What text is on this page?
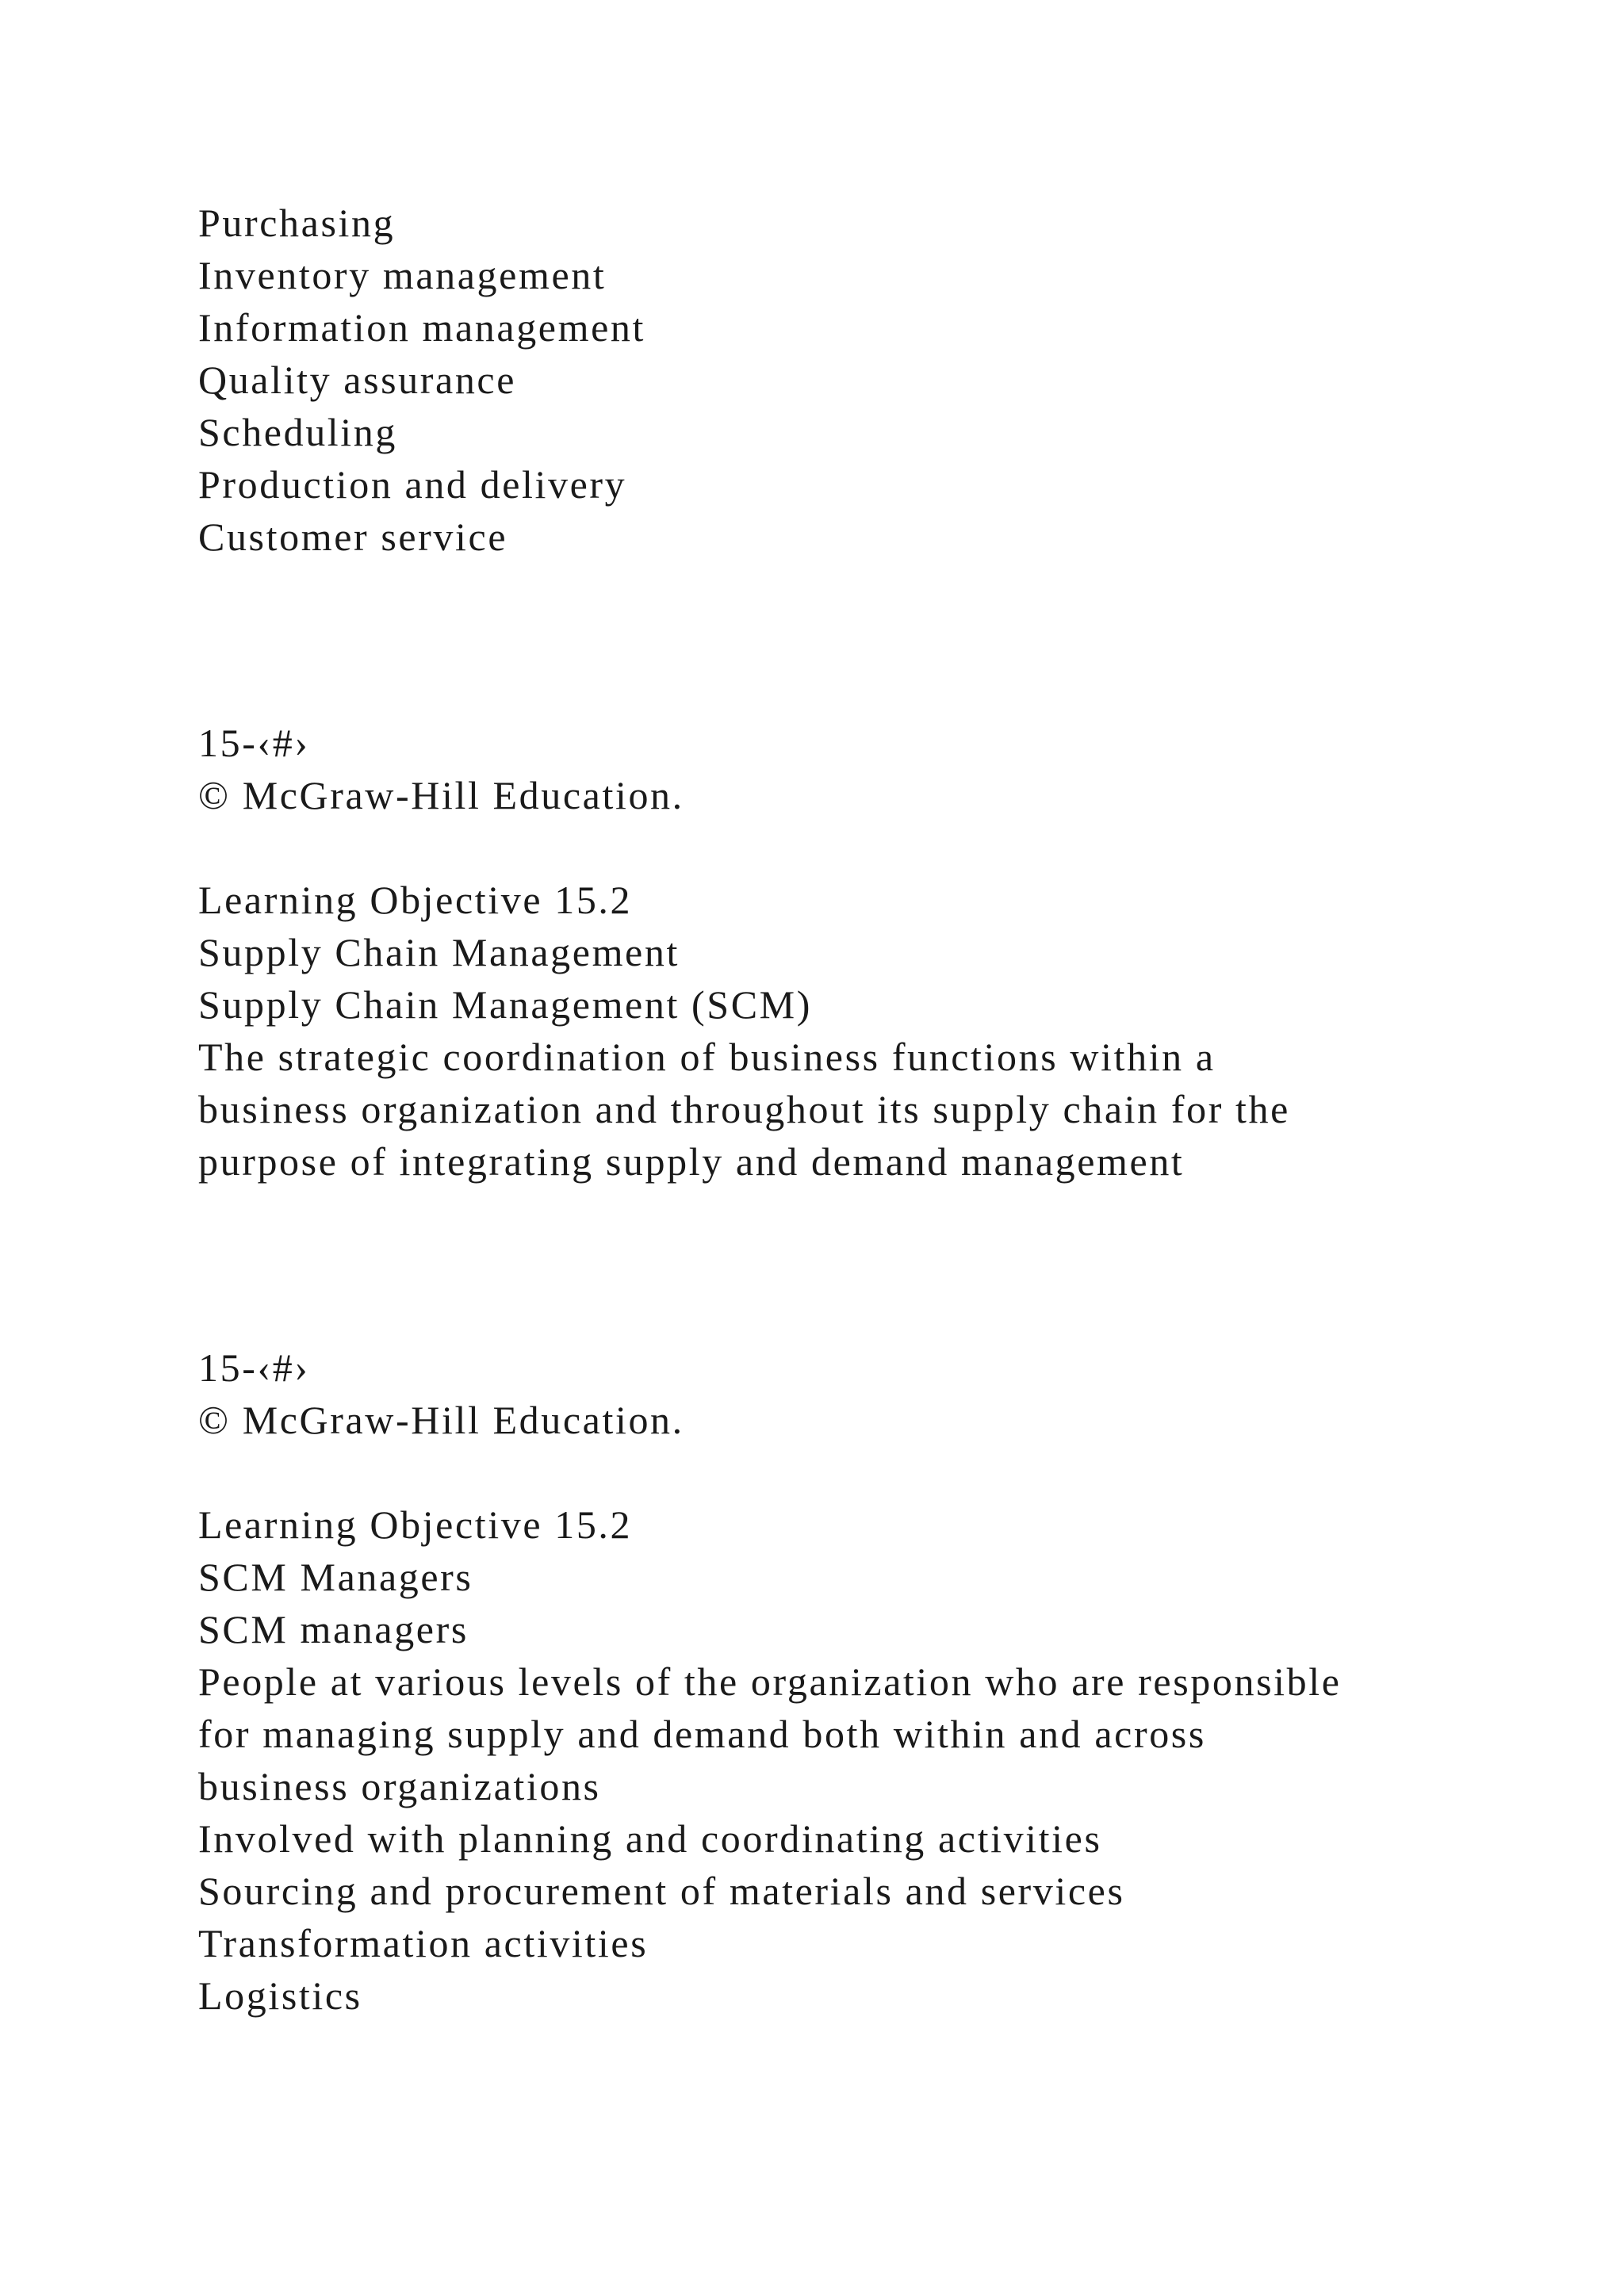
Purchasing

Inventory management

Information management

Quality assurance

Scheduling

Production and delivery

Customer service

15-‹#›

© McGraw-Hill Education.

Learning Objective 15.2

Supply Chain Management

Supply Chain Management (SCM)

The strategic coordination of business functions within a

business organization and throughout its supply chain for the

purpose of integrating supply and demand management

15-‹#›

© McGraw-Hill Education.

Learning Objective 15.2

SCM Managers

SCM managers

People at various levels of the organization who are responsible

for managing supply and demand both within and across

business organizations

Involved with planning and coordinating activities

Sourcing and procurement of materials and services

Transformation activities

Logistics
